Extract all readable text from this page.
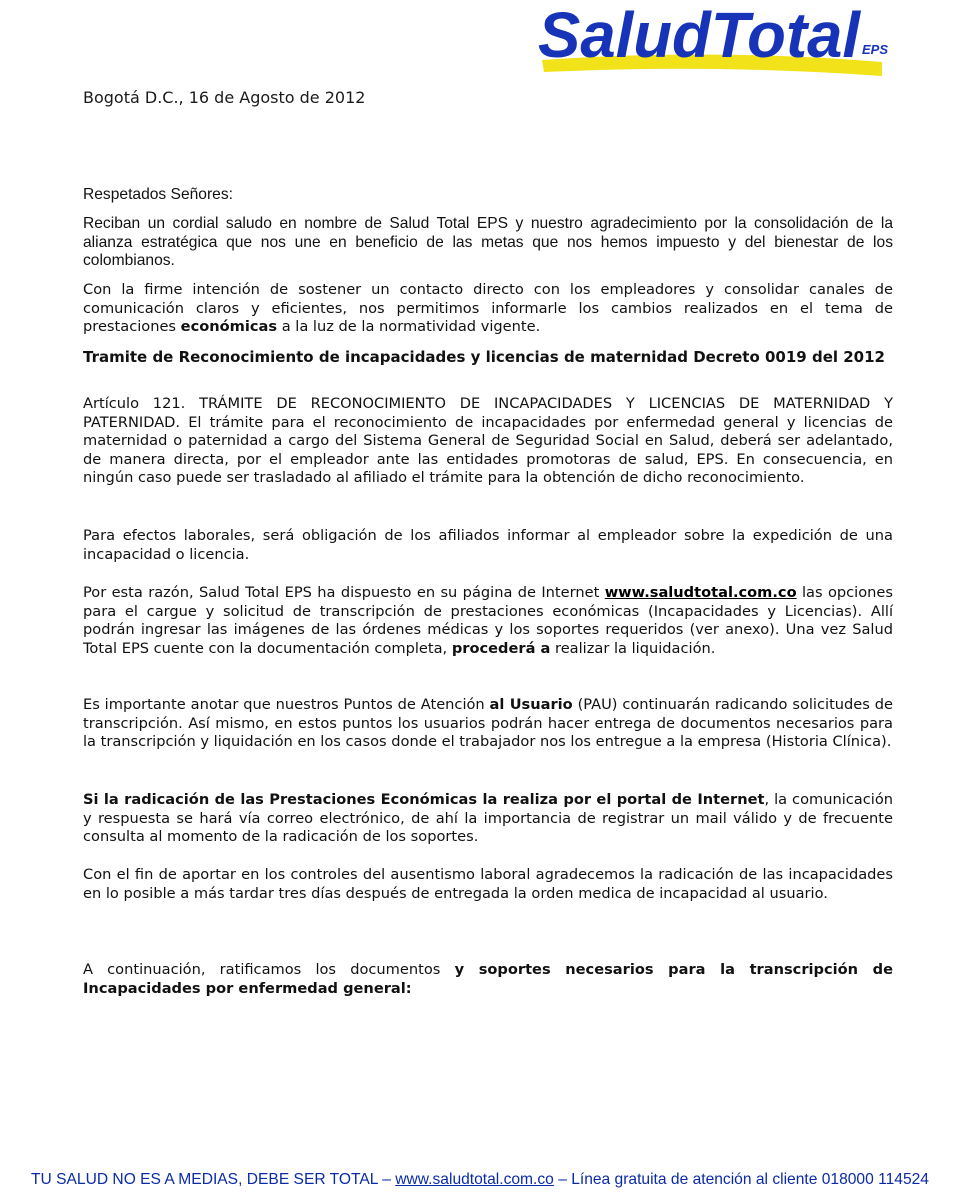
SaludTotal EPS
Bogotá D.C., 16 de Agosto de 2012

Respetados Señores:

Reciban un cordial saludo en nombre de Salud Total EPS y nuestro agradecimiento por la consolidación de la alianza estratégica que nos une en beneficio de las metas que nos hemos impuesto y del bienestar de los colombianos.

Con la firme intención de sostener un contacto directo con los empleadores y consolidar canales de comunicación claros y eficientes, nos permitimos informarle los cambios realizados en el tema de prestaciones económicas a la luz de la normatividad vigente.

Tramite de Reconocimiento de incapacidades y licencias de maternidad Decreto 0019 del 2012

Artículo 121. TRÁMITE DE RECONOCIMIENTO DE INCAPACIDADES Y LICENCIAS DE MATERNIDAD Y PATERNIDAD. El trámite para el reconocimiento de incapacidades por enfermedad general y licencias de maternidad o paternidad a cargo del Sistema General de Seguridad Social en Salud, deberá ser adelantado, de manera directa, por el empleador ante las entidades promotoras de salud, EPS. En consecuencia, en ningún caso puede ser trasladado al afiliado el trámite para la obtención de dicho reconocimiento.

Para efectos laborales, será obligación de los afiliados informar al empleador sobre la expedición de una incapacidad o licencia.

Por esta razón, Salud Total EPS ha dispuesto en su página de Internet www.saludtotal.com.co las opciones para el cargue y solicitud de transcripción de prestaciones económicas (Incapacidades y Licencias). Allí podrán ingresar las imágenes de las órdenes médicas y los soportes requeridos (ver anexo). Una vez Salud Total EPS cuente con la documentación completa, procederá a realizar la liquidación.

Es importante anotar que nuestros Puntos de Atención al Usuario (PAU) continuarán radicando solicitudes de transcripción. Así mismo, en estos puntos los usuarios podrán hacer entrega de documentos necesarios para la transcripción y liquidación en los casos donde el trabajador nos los entregue a la empresa (Historia Clínica).

Si la radicación de las Prestaciones Económicas la realiza por el portal de Internet, la comunicación y respuesta se hará vía correo electrónico, de ahí la importancia de registrar un mail válido y de frecuente consulta al momento de la radicación de los soportes.

Con el fin de aportar en los controles del ausentismo laboral agradecemos la radicación de las incapacidades en lo posible a más tardar tres días después de entregada la orden medica de incapacidad al usuario.

A continuación, ratificamos los documentos y soportes necesarios para la transcripción de Incapacidades por enfermedad general:

TU SALUD NO ES A MEDIAS, DEBE SER TOTAL – www.saludtotal.com.co – Línea gratuita de atención al cliente 018000 114524
